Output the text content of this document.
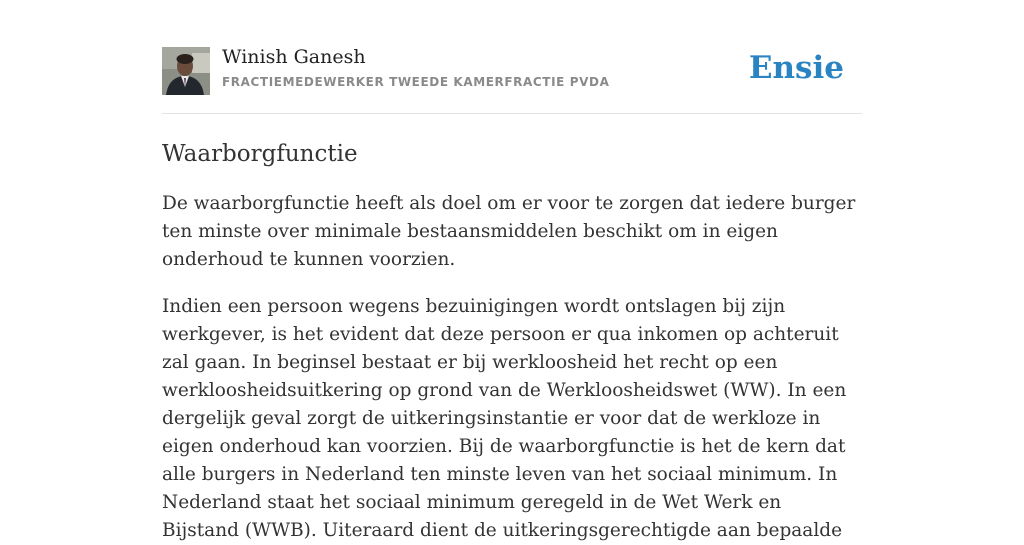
Winish Ganesh
FRACTIEMEDEWERKER TWEEDE KAMERFRACTIE PVDA	Ensie
Waarborgfunctie

De waarborgfunctie heeft als doel om er voor te zorgen dat iedere burger ten minste over minimale bestaansmiddelen beschikt om in eigen onderhoud te kunnen voorzien.

Indien een persoon wegens bezuinigingen wordt ontslagen bij zijn werkgever, is het evident dat deze persoon er qua inkomen op achteruit zal gaan. In beginsel bestaat er bij werkloosheid het recht op een werkloosheidsuitkering op grond van de Werkloosheidswet (WW). In een dergelijk geval zorgt de uitkeringsinstantie er voor dat de werkloze in eigen onderhoud kan voorzien. Bij de waarborgfunctie is het de kern dat alle burgers in Nederland ten minste leven van het sociaal minimum. In Nederland staat het sociaal minimum geregeld in de Wet Werk en Bijstand (WWB). Uiteraard dient de uitkeringsgerechtigde aan bepaalde
